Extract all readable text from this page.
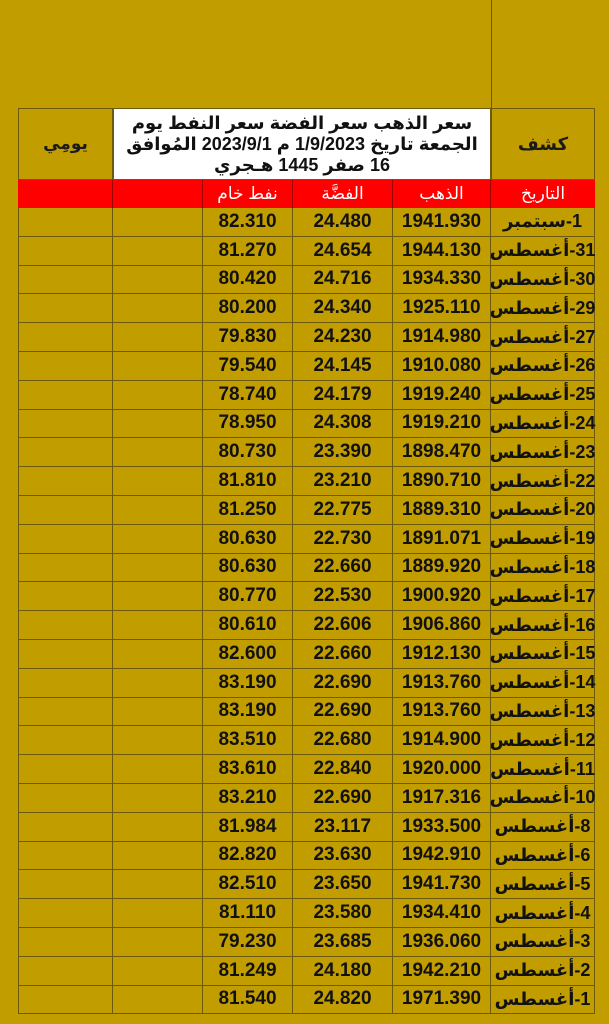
يومِي
سعر الذهب سعر الفضة سعر النفط يوم الجمعة تاريخ 1/9/2023 م 2023/9/1 المُوافق 16 صفر 1445 هـجري
كشف
نفط خام	الفضَّة	الذهب	التاريخ
82.310	24.480	1941.930	1-سبتمبر
81.270	24.654	1944.130 31-أغسطس
80.420	24.716	1934.330 30-أغسطس
80.200	24.340	1925.110 29-أغسطس
79.830	24.230	1914.980 27-أغسطس
79.540	24.145	1910.080 26-أغسطس
78.740	24.179	1919.240 25-أغسطس
78.950	24.308	1919.210 24-أغسطس
80.730	23.390	1898.470 23-أغسطس
81.810	23.210	1890.710 22-أغسطس
81.250	22.775	1889.310 20-أغسطس
80.630	22.730	1891.071 19-أغسطس
80.630	22.660	1889.920 18-أغسطس
80.770	22.530	1900.920 17-أغسطس
80.610	22.606	1906.860 16-أغسطس
82.600	22.660	1912.130 15-أغسطس
83.190	22.690	1913.760 14-أغسطس
83.190	22.690	1913.760 13-أغسطس
83.510	22.680	1914.900 12-أغسطس
83.610	22.840	1920.000 11-أغسطس
83.210	22.690	1917.316 10-أغسطس
81.984	23.117	1933.500 8-أغسطس
82.820	23.630	1942.910 6-أغسطس
82.510	23.650	1941.730 5-أغسطس
81.110	23.580	1934.410 4-أغسطس
79.230	23.685	1936.060 3-أغسطس
81.249	24.180	1942.210 2-أغسطس
81.540	24.820	1971.390 1-أغسطس
